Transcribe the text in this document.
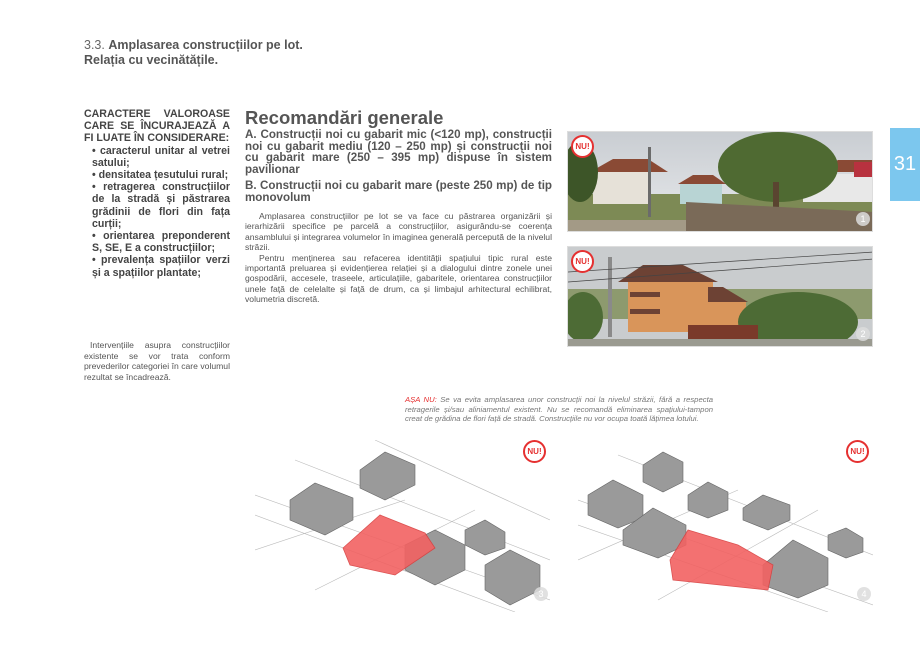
3.3. Amplasarea construcțiilor pe lot.
Relația cu vecinătățile.
31
CARACTERE VALOROASE CARE SE ÎNCURAJEAZĂ A FI LUATE ÎN CONSIDERARE:
• caracterul unitar al vetrei satului;
• densitatea țesutului rural;
• retragerea construcțiilor de la stradă și păstrarea grădinii de flori din fața curții;
• orientarea preponderent S, SE, E a construcțiilor;
• prevalența spațiilor verzi și a spațiilor plantate;
Intervențiile asupra construcțiilor existente se vor trata conform prevederilor categoriei în care volumul rezultat se încadrează.
Recomandări generale
A. Construcții noi cu gabarit mic (<120 mp), construcții noi cu gabarit mediu (120 – 250 mp) și construcții noi cu gabarit mare (250 – 395 mp) dispuse în sistem pavilionar
B. Construcții noi cu gabarit mare (peste 250 mp) de tip monovolum

Amplasarea construcțiilor pe lot se va face cu păstrarea organizării și ierarhizării specifice pe parcelă a construcțiilor, asigurându-se coerența ansamblului și integrarea volumelor în imaginea generală percepută de la nivelul străzii.

Pentru menținerea sau refacerea identității spațiului tipic rural este importantă preluarea și evidențierea relației și a dialogului dintre zonele unei gospodării, accesele, traseele, articulațiile, gabaritele, orientarea construcțiilor unele față de celelalte și față de drum, ca și limbajul arhitectural echilibrat, volumetria discretă.

NU!
1
NU!
2
AȘA NU: Se va evita amplasarea unor construcții noi la nivelul străzii, fără a respecta retragerile și/sau aliniamentul existent. Nu se recomandă eliminarea spațiului-tampon creat de grădina de flori față de stradă. Construcțiile nu vor ocupa toată lățimea lotului.
NU!
3
NU!
4
